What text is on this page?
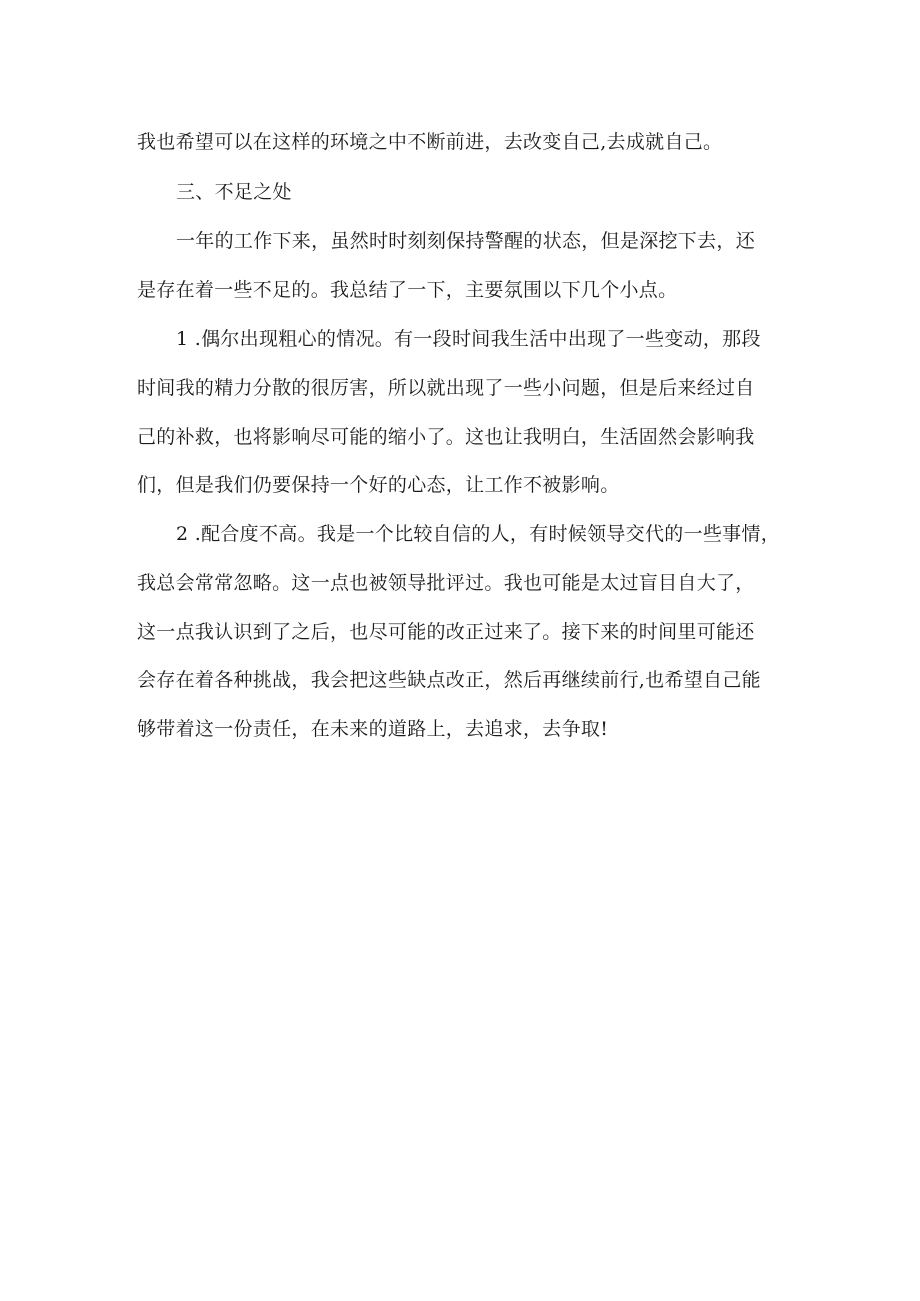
我也希望可以在这样的环境之中不断前进，去改变自己,去成就自己。
三、不足之处
一年的工作下来，虽然时时刻刻保持警醒的状态，但是深挖下去，还
是存在着一些不足的。我总结了一下，主要氛围以下几个小点。
1 .偶尔出现粗心的情况。有一段时间我生活中出现了一些变动，那段
时间我的精力分散的很厉害，所以就出现了一些小问题，但是后来经过自
己的补救，也将影响尽可能的缩小了。这也让我明白，生活固然会影响我
们，但是我们仍要保持一个好的心态，让工作不被影响。
2 .配合度不高。我是一个比较自信的人，有时候领导交代的一些事情，
我总会常常忽略。这一点也被领导批评过。我也可能是太过盲目自大了，
这一点我认识到了之后，也尽可能的改正过来了。接下来的时间里可能还
会存在着各种挑战，我会把这些缺点改正，然后再继续前行,也希望自己能
够带着这一份责任，在未来的道路上，去追求，去争取!
